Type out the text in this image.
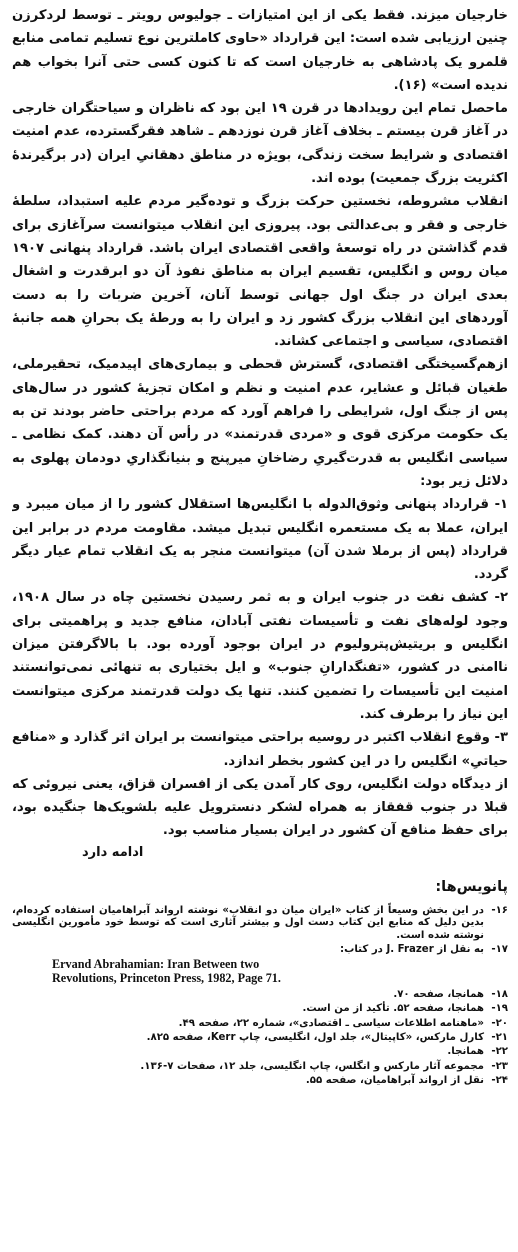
خارجیان میزند. فقط یکی از این امتیازات ـ جولیوس رویتر ـ توسط لردکرزن چنین ارزیابی شده است: این قرارداد «حاوی کاملترین نوع تسلیم تمامی منابع قلمرو یک پادشاهی به خارجیان است که تا کنون کسی حتی آنرا بخواب هم ندیده است» (۱۶).

ماحصل تمام این رویدادها در قرن ۱۹ این بود که ناظران و سیاحتگران خارجی در آغاز قرن بیستم ـ بخلاف آغاز قرن نوزدهم ـ شاهد فقرگسترده، عدم امنیت اقتصادی و شرایط سخت زندگی، بویژه در مناطق دهقانیِ ایران (در برگیرندهٔ اکثریت بزرگ جمعیت) بوده اند.

انقلاب مشروطه، نخستین حرکت بزرگ و توده‌گیر مردم علیه استبداد، سلطهٔ خارجی و فقر و بی‌عدالتی بود. پیروزی این انقلاب میتوانست سرآغازی برای قدم گذاشتن در راه توسعهٔ واقعی اقتصادی ایران باشد. قرارداد پنهانی ۱۹۰۷ میان روس و انگلیس، تقسیم ایران به مناطق نفوذ آن دو ابرقدرت و اشغال بعدی ایران در جنگ اول جهانی توسط آنان، آخرین ضربات را به دست آوردهای این انقلاب بزرگ کشور زد و ایران را به ورطهٔ یک بحرانِ همه جانبهٔ اقتصادی، سیاسی و اجتماعی کشاند.

ازهم‌گسیختگی اقتصادی، گسترش قحطی و بیماری‌های اپیدمیک، تحقیرملی، طغیان قبائل و عشایر، عدم امنیت و نظم و امکان تجزیهٔ کشور در سال‌های پس از جنگ اول، شرایطی را فراهم آورد که مردم براحتی حاضر بودند تن به یک حکومت مرکزی قوی و «مردی قدرتمند» در رأس آن دهند. کمک نظامی ـ سیاسی انگلیس به قدرت‌گیریِ رضاخانِ میرپنج و بنیانگذاریِ دودمان پهلوی به دلائل زیر بود:

۱- قرارداد پنهانی وثوق‌الدوله با انگلیس‌ها استقلال کشور را از میان میبرد و ایران، عملا به یک مستعمره انگلیس تبدیل میشد. مقاومت مردم در برابر این قرارداد (پس از برملا شدن آن) میتوانست منجر به یک انقلاب تمام عیار دیگر گردد.

۲- کشف نفت در جنوب ایران و به ثمر رسیدن نخستین چاه در سال ۱۹۰۸، وجود لوله‌های نفت و تأسیسات نفتی آبادان، منافع جدید و پراهمیتی برای انگلیس و بریتیش‌پترولیوم در ایران بوجود آورده بود. با بالاگرفتن میزان ناامنی در کشور، «تفنگدارانِ جنوب» و ایل بختیاری به تنهائی نمی‌توانستند امنیت این تأسیسات را تضمین کنند. تنها یک دولت قدرتمند مرکزی میتوانست این نیاز را برطرف کند.

۳- وقوع انقلاب اکتبر در روسیه براحتی میتوانست بر ایران اثر گذارد و «منافع حیاتیِ» انگلیس را در این کشور بخطر اندازد.

از دیدگاه دولت انگلیس، روی کار آمدن یکی از افسران قزاق، یعنی نیروئی که قبلا در جنوب قفقاز به همراه لشکر دنسترویل علیه بلشویک‌ها جنگیده بود، برای حفظ منافع آن کشور در ایران بسیار مناسب بود.

ادامه دارد
پانویس‌ها:
۱۶-
در این بخش وسیعاً از کتاب «ایران میان دو انقلاب» نوشته ارواند آبراهامیان استفاده کرده‌ام، بدین دلیل که منابع این کتاب دست اول و بیشتر آثاری است که توسط خود مأمورین انگلیسی نوشته شده است.
۱۷-
به نقل از J. Frazer در کتاب:
Ervand Abrahamian: Iran Between two
Revolutions, Princeton Press, 1982, Page 71.
۱۸-
همانجا، صفحه ۷۰.
۱۹-
همانجا، صفحه ۵۲. تأکید از من است.
۲۰-
«ماهنامه اطلاعات سیاسی ـ اقتصادی»، شماره ۲۲، صفحه ۴۹.
۲۱-
کارل مارکس، «کاپیتال»، جلد اول، انگلیسی، چاپ Kerr، صفحه ۸۲۵.
۲۲-
همانجا.
۲۳-
مجموعه آثار مارکس و انگلس، چاپ انگلیسی، جلد ۱۲، صفحات ۷-۱۳۶.
۲۴-
نقل از ارواند آبراهامیان، صفحه ۵۵.
